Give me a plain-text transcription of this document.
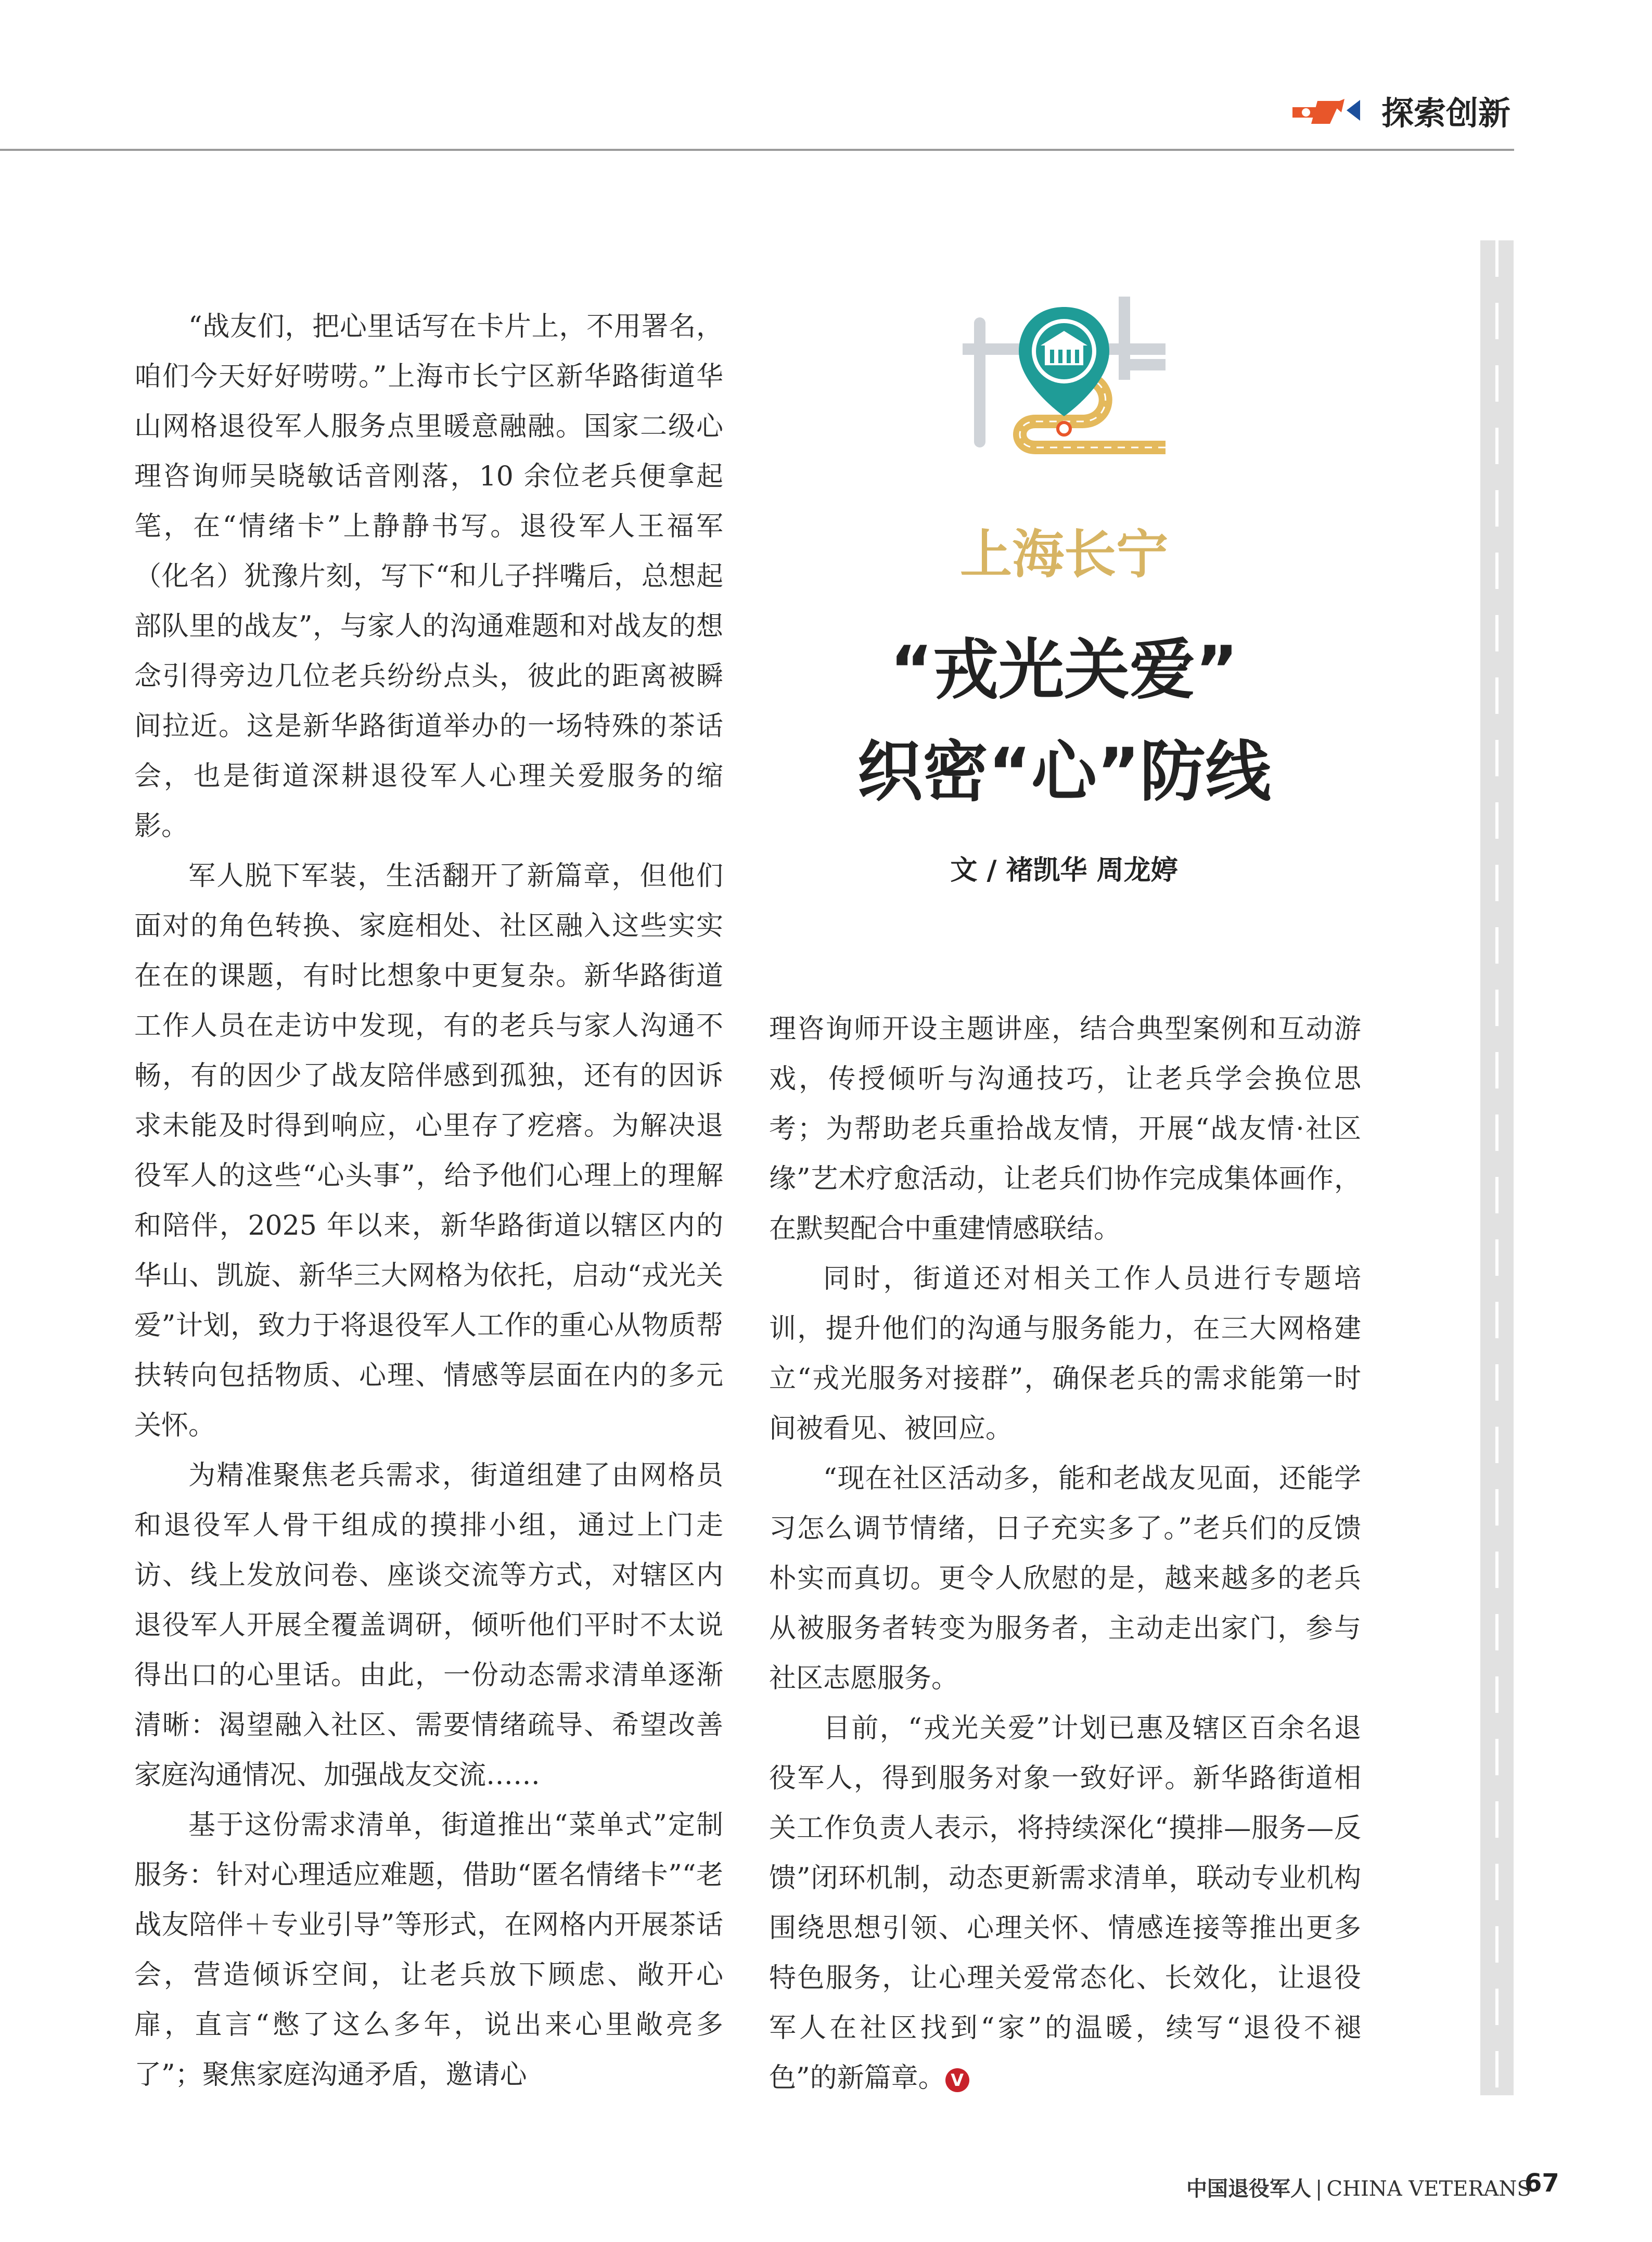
探索创新
上海长宁
“戎光关爱”
织密“心”防线
文 / 褚凯华 周龙婷

“战友们，把心里话写在卡片上，不用署名，咱们今天好好唠唠。”上海市长宁区新华路街道华山网格退役军人服务点里暖意融融。国家二级心理咨询师吴晓敏话音刚落，10 余位老兵便拿起笔，在“情绪卡”上静静书写。退役军人王福军（化名）犹豫片刻，写下“和儿子拌嘴后，总想起部队里的战友”，与家人的沟通难题和对战友的想念引得旁边几位老兵纷纷点头，彼此的距离被瞬间拉近。这是新华路街道举办的一场特殊的茶话会，也是街道深耕退役军人心理关爱服务的缩影。

军人脱下军装，生活翻开了新篇章，但他们面对的角色转换、家庭相处、社区融入这些实实在在的课题，有时比想象中更复杂。新华路街道工作人员在走访中发现，有的老兵与家人沟通不畅，有的因少了战友陪伴感到孤独，还有的因诉求未能及时得到响应，心里存了疙瘩。为解决退役军人的这些“心头事”，给予他们心理上的理解和陪伴，2025 年以来，新华路街道以辖区内的华山、凯旋、新华三大网格为依托，启动“戎光关爱”计划，致力于将退役军人工作的重心从物质帮扶转向包括物质、心理、情感等层面在内的多元关怀。

为精准聚焦老兵需求，街道组建了由网格员和退役军人骨干组成的摸排小组，通过上门走访、线上发放问卷、座谈交流等方式，对辖区内退役军人开展全覆盖调研，倾听他们平时不太说得出口的心里话。由此，一份动态需求清单逐渐清晰：渴望融入社区、需要情绪疏导、希望改善家庭沟通情况、加强战友交流……

基于这份需求清单，街道推出“菜单式”定制服务：针对心理适应难题，借助“匿名情绪卡”“老战友陪伴＋专业引导”等形式，在网格内开展茶话会，营造倾诉空间，让老兵放下顾虑、敞开心扉，直言“憋了这么多年，说出来心里敞亮多了”；聚焦家庭沟通矛盾，邀请心

理咨询师开设主题讲座，结合典型案例和互动游戏，传授倾听与沟通技巧，让老兵学会换位思考；为帮助老兵重拾战友情，开展“战友情·社区缘”艺术疗愈活动，让老兵们协作完成集体画作，在默契配合中重建情感联结。

同时，街道还对相关工作人员进行专题培训，提升他们的沟通与服务能力，在三大网格建立“戎光服务对接群”，确保老兵的需求能第一时间被看见、被回应。

“现在社区活动多，能和老战友见面，还能学习怎么调节情绪，日子充实多了。”老兵们的反馈朴实而真切。更令人欣慰的是，越来越多的老兵从被服务者转变为服务者，主动走出家门，参与社区志愿服务。

目前，“戎光关爱”计划已惠及辖区百余名退役军人，得到服务对象一致好评。新华路街道相关工作负责人表示，将持续深化“摸排—服务—反馈”闭环机制，动态更新需求清单，联动专业机构围绕思想引领、心理关怀、情感连接等推出更多特色服务，让心理关爱常态化、长效化，让退役军人在社区找到“家”的温暖，续写“退役不褪色”的新篇章。 V

中国退役军人 | CHINA VETERANS
67
